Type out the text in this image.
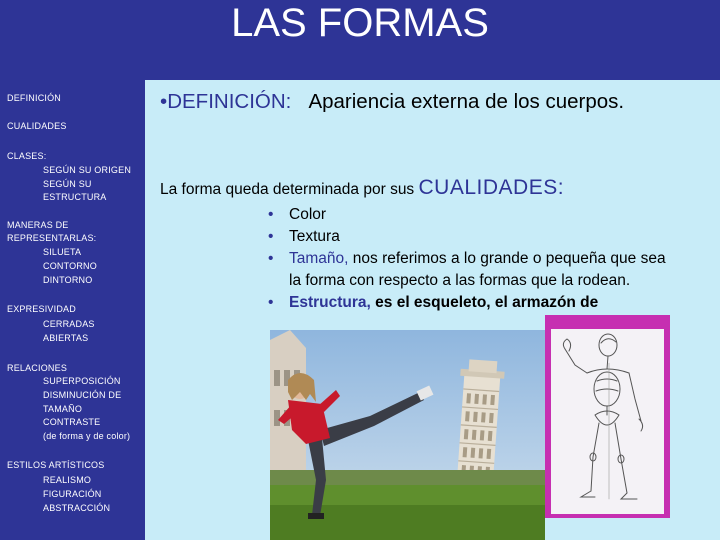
LAS FORMAS
DEFINICIÓN
CUALIDADES
CLASES:
SEGÚN SU ORIGEN
SEGÚN SU
ESTRUCTURA
MANERAS DE
REPRESENTARLAS:
SILUETA
CONTORNO
DINTORNO
EXPRESIVIDAD
CERRADAS
ABIERTAS
RELACIONES
SUPERPOSICIÓN
DISMINUCIÓN DE
TAMAÑO
CONTRASTE
(de forma y de color)
ESTILOS ARTÍSTICOS
REALISMO
FIGURACIÓN
ABSTRACCIÓN
•DEFINICIÓN: Apariencia externa de los cuerpos.
La forma queda determinada por sus CUALIDADES:
• Color
• Textura
• Tamaño, nos referimos a lo grande o pequeña que sea la forma con respecto a las formas que la rodean.
• Estructura, es el esqueleto, el armazón de
